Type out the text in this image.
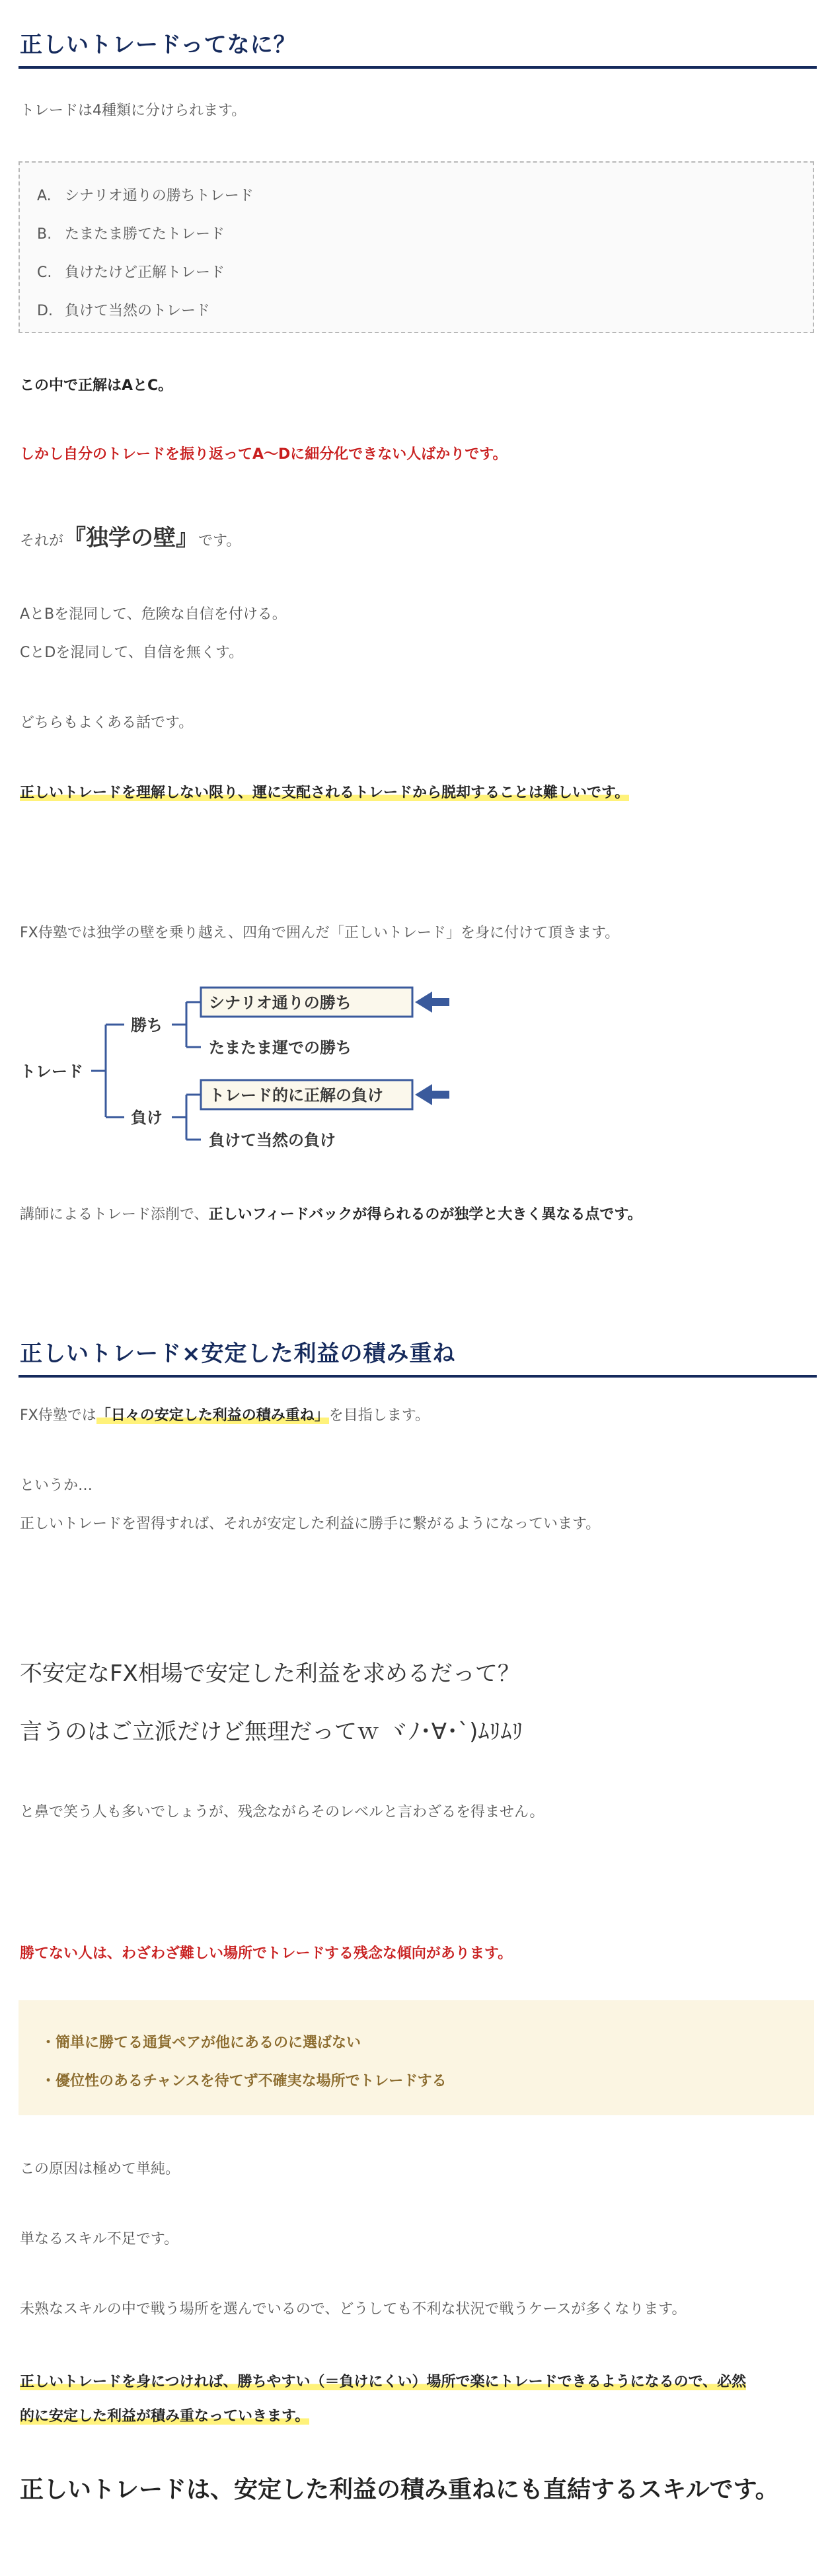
正しいトレードってなに？

トレードは4種類に分けられます。

A. シナリオ通りの勝ちトレード
B. たまたま勝てたトレード
C. 負けたけど正解トレード
D. 負けて当然のトレード

この中で正解はAとC。

しかし自分のトレードを振り返ってA〜Dに細分化できない人ばかりです。

それが『独学の壁』です。

AとBを混同して、危険な自信を付ける。

CとDを混同して、自信を無くす。

どちらもよくある話です。

正しいトレードを理解しない限り、運に支配されるトレードから脱却することは難しいです。

FX侍塾では独学の壁を乗り越え、四角で囲んだ「正しいトレード」を身に付けて頂きます。

トレード
勝ち
負け
シナリオ通りの勝ち
たまたま運での勝ち
トレード的に正解の負け
負けて当然の負け

講師によるトレード添削で、正しいフィードバックが得られるのが独学と大きく異なる点です。

正しいトレード×安定した利益の積み重ね

FX侍塾では「日々の安定した利益の積み重ね」を目指します。

というか…

正しいトレードを習得すれば、それが安定した利益に勝手に繋がるようになっています。

不安定なFX相場で安定した利益を求めるだって？

言うのはご立派だけど無理だってｗ ヾﾉ･∀･`)ﾑﾘﾑﾘ

と鼻で笑う人も多いでしょうが、残念ながらそのレベルと言わざるを得ません。

勝てない人は、わざわざ難しい場所でトレードする残念な傾向があります。

・簡単に勝てる通貨ペアが他にあるのに選ばない
・優位性のあるチャンスを待てず不確実な場所でトレードする

この原因は極めて単純。

単なるスキル不足です。

未熟なスキルの中で戦う場所を選んでいるので、どうしても不利な状況で戦うケースが多くなります。

正しいトレードを身につければ、勝ちやすい（＝負けにくい）場所で楽にトレードできるようになるので、必然
的に安定した利益が積み重なっていきます。

正しいトレードは、安定した利益の積み重ねにも直結するスキルです。
